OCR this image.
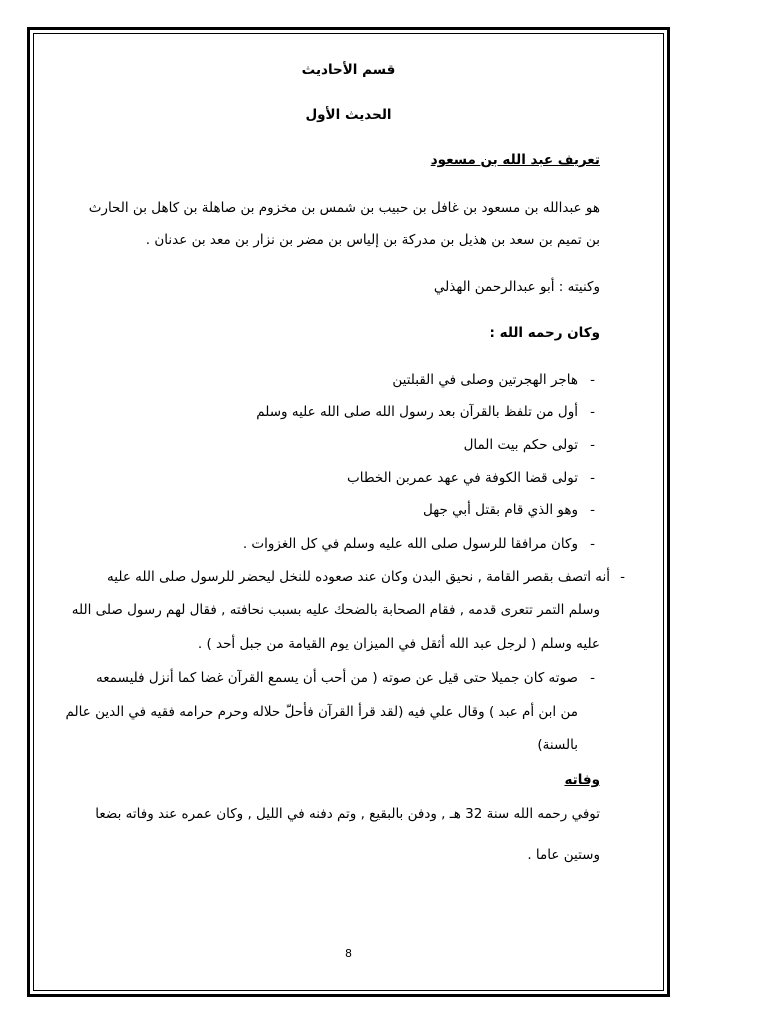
قسم الأحاديث
الحديث الأول
تعريف عبد الله بن مسعود
هو عبدالله بن مسعود بن غافل بن حبيب بن شمس بن مخزوم بن صاهلة بن كاهل بن الحارث
بن تميم بن سعد بن هذيل بن مدركة بن إلياس بن مضر بن نزار بن معد بن عدنان .
وكنيته : أبو عبدالرحمن الهذلي
وكان رحمه الله :
-
هاجر الهجرتين وصلى في القبلتين
-
أول من تلفظ بالقرآن بعد رسول الله صلى الله عليه وسلم
-
تولى حكم بيت المال
-
تولى قضا الكوفة في عهد عمربن الخطاب
-
وهو الذي قام بقتل أبي جهل
-
وكان مرافقا للرسول صلى الله عليه وسلم في كل الغزوات .
-
أنه اتصف بقصر القامة , نحيق البدن وكان عند صعوده للنخل ليحضر للرسول صلى الله عليه
وسلم التمر تتعرى قدمه , فقام الصحابة بالضحك عليه بسبب نحافته , فقال لهم رسول صلى الله
عليه وسلم ( لرجل عبد الله أثقل في الميزان يوم القيامة من جبل أحد ) .
-
صوته كان جميلا حتى قيل عن صوته ( من أحب أن يسمع القرآن غضا كما أنزل فليسمعه
من ابن أم عبد ) وقال علي فيه (لقد قرأ القرآن فأحلّ حلاله وحرم حرامه فقيه في الدين عالم
بالسنة)
وفاته
توفي رحمه الله سنة 32 هـ , ودفن بالبقيع , وتم دفنه في الليل , وكان عمره عند وفاته بضعا
وستين عاما .
8
